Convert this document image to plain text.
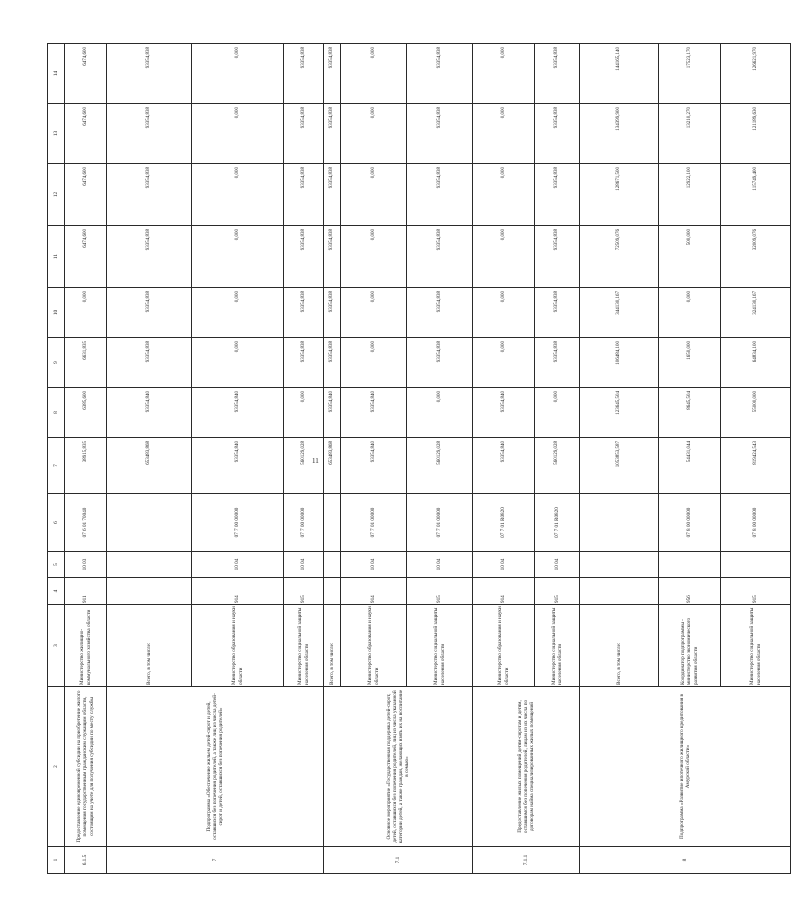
11
1	2	3	4	5	6	7	8	9	10	11	12	13	14
6.1.5	Предоставление единовременной субсидии на приобретение жилого помещения государственным гражданским служащим области, состоящим на учете для получения субсидии по месту службы	Министерство жилищно-коммунального хозяйства области	911	10 03	07 6 01 70040	38915,835	6385,600	6631,835	0,000	6474,600	6474,600	6474,600	6474,600
7	Подпрограмма «Обеспечение жильем детей-сирот и детей, оставшихся без попечения родителей, а также лиц из числа детей-сирот и детей, оставшихся без попечения родителей»	Всего, в том числе:				653483,868	93354,840	93354,838	93354,838	93354,838	93354,838	93354,838	93354,838
		Министерство образования и науки области	914	10 04	07 7 00 00000	93354,840	93354,840	0,000	0,000	0,000	0,000	0,000	0,000
		Министерство социальной защиты населения области	915	10 04	07 7 00 00000	560129,028	0,000	93354,838	93354,838	93354,838	93354,838	93354,838	93354,838
7.1	Основное мероприятие «Государственная поддержка детей-сирот, детей, оставшихся без попечения родителей, лиц из числа указанной категории детей, а также граждан, желающих взять их на воспитание в семью»	Всего, в том числе:				653483,868	93354,840	93354,838	93354,838	93354,838	93354,838	93354,838	93354,838
		Министерство образования и науки области	914	10 04	07 7 01 00000	93354,840	93354,840	0,000	0,000	0,000	0,000	0,000	0,000
		Министерство социальной защиты населения области	915	10 04	07 7 01 00000	560129,028	0,000	93354,838	93354,838	93354,838	93354,838	93354,838	93354,838
7.1.1	Предоставление жилых помещений детям-сиротам и детям, оставшимся без попечения родителей, лицам из их числа по договорам найма специализированных жилых помещений	Министерство образования и науки области	914	10 04	07 7 01 R0820	93354,840	93354,840	0,000	0,000	0,000	0,000	0,000	0,000
		Министерство социальной защиты населения области	915	10 04	07 7 01 R0820	560129,028	0,000	93354,838	93354,838	93354,838	93354,838	93354,838	93354,838
8	Подпрограмма «Развитие ипотечного жилищного кредитования в Амурской области»	Всего, в том числе:				1053853,587	123645,504	106484,100	344130,167	72509,076	128671,500	134399,900	144165,140
		Координатор подпрограммы - министерство экономического развития области	956		07 8 00 00000	54431,044	8645,504	1650,000	0,000	500,000	12922,100	13210,270	17523,170
		Министерство социальной защиты населения области	915		07 8 00 00000	819424,543	55000,000	64834,100	324130,167	32009,076	115749,400	121189,630	126621,970
